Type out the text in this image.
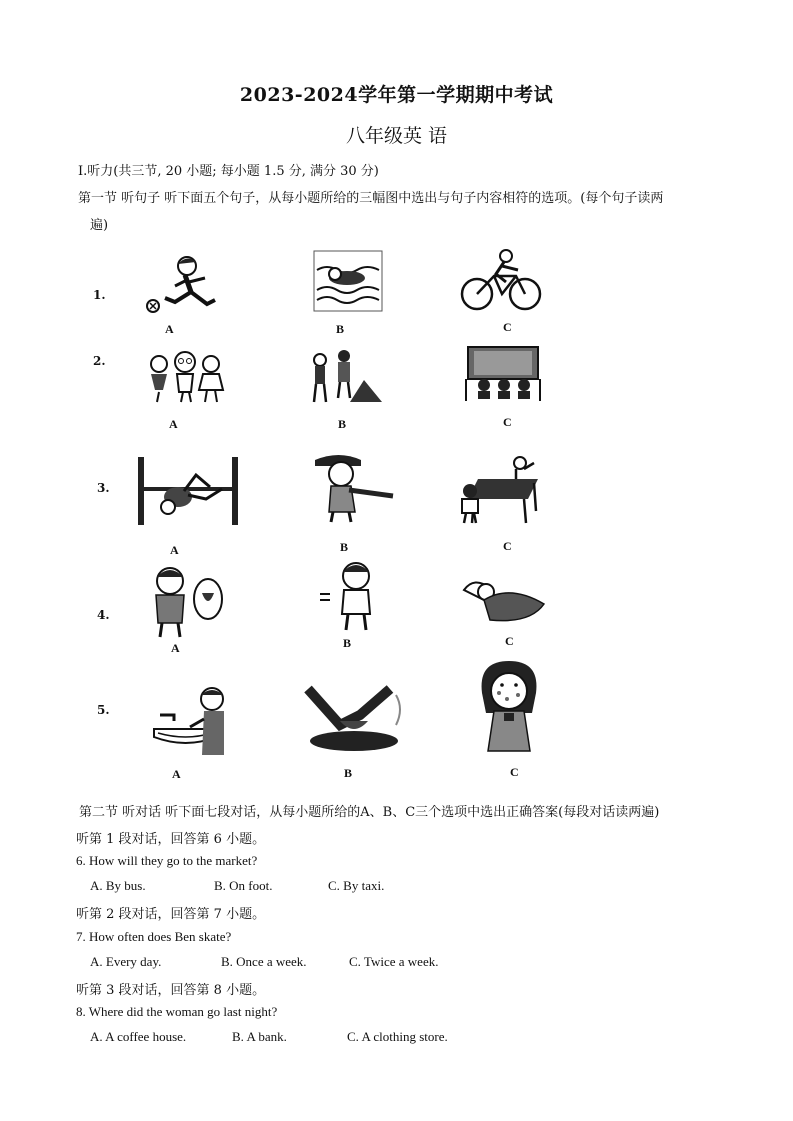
2023-2024学年第一学期期中考试
八年级英 语
I.听力(共三节, 20 小题; 每小题 1.5 分, 满分 30 分)
第一节 听句子 听下面五个句子，从每小题所给的三幅图中选出与句子内容相符的选项。(每个句子读两
遍)
1.
A	B	C
2.
A	B	C
3.
A	B	C
4.
A	B	C
5.
A	B	C
第二节 听对话 听下面七段对话，从每小题所给的A、B、C三个选项中选出正确答案(每段对话读两遍)
听第 1 段对话，回答第 6 小题。
6. How will they go to the market?
A. By bus.	B. On foot.	C. By taxi.
听第 2 段对话，回答第 7 小题。
7. How often does Ben skate?
A. Every day.	B. Once a week.	C. Twice a week.
听第 3 段对话，回答第 8 小题。
8. Where did the woman go last night?
A. A coffee house.	B. A bank.	C. A clothing store.
